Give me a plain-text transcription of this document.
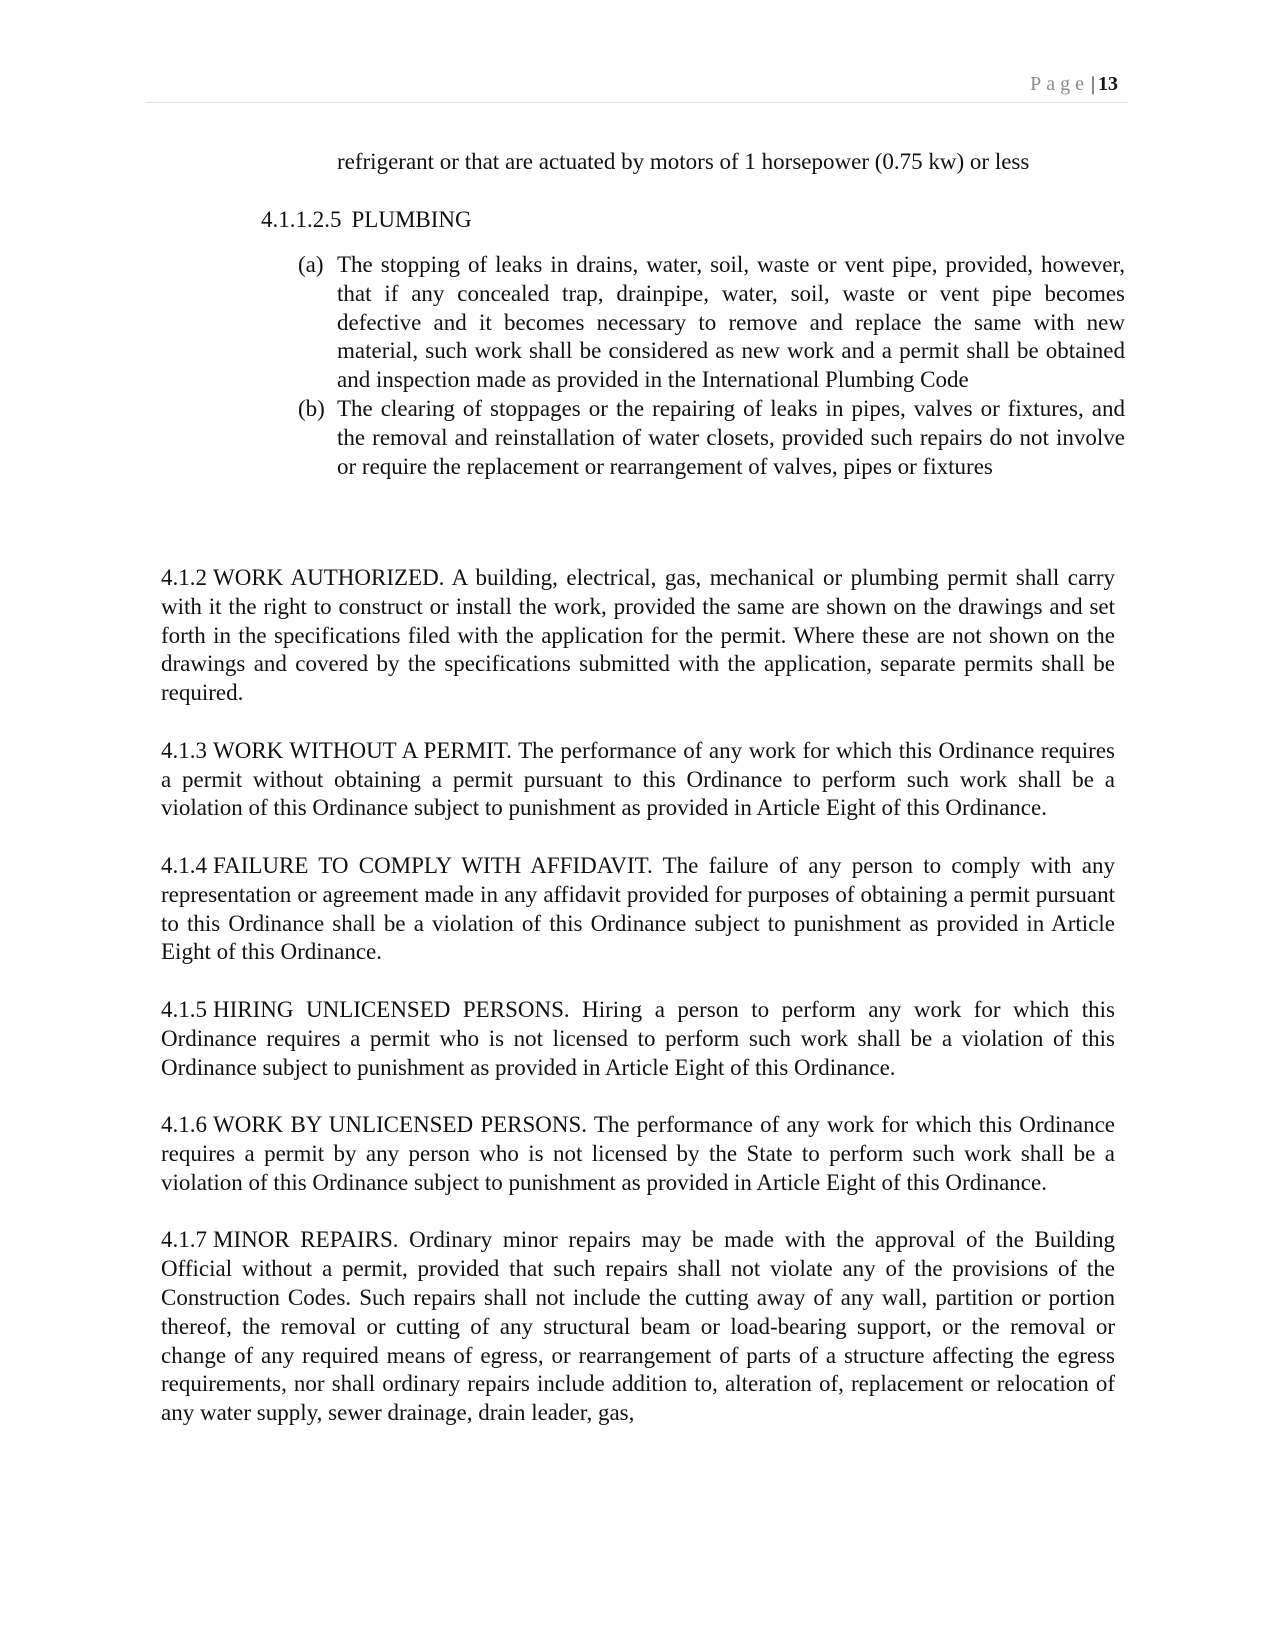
Page | 13
refrigerant or that are actuated by motors of 1 horsepower (0.75 kw) or less
4.1.1.2.5 PLUMBING
(a) The stopping of leaks in drains, water, soil, waste or vent pipe, provided, however, that if any concealed trap, drainpipe, water, soil, waste or vent pipe becomes defective and it becomes necessary to remove and replace the same with new material, such work shall be considered as new work and a permit shall be obtained and inspection made as provided in the International Plumbing Code
(b) The clearing of stoppages or the repairing of leaks in pipes, valves or fixtures, and the removal and reinstallation of water closets, provided such repairs do not involve or require the replacement or rearrangement of valves, pipes or fixtures

4.1.2 WORK AUTHORIZED. A building, electrical, gas, mechanical or plumbing permit shall carry with it the right to construct or install the work, provided the same are shown on the drawings and set forth in the specifications filed with the application for the permit. Where these are not shown on the drawings and covered by the specifications submitted with the application, separate permits shall be required.

4.1.3 WORK WITHOUT A PERMIT. The performance of any work for which this Ordinance requires a permit without obtaining a permit pursuant to this Ordinance to perform such work shall be a violation of this Ordinance subject to punishment as provided in Article Eight of this Ordinance.

4.1.4 FAILURE TO COMPLY WITH AFFIDAVIT. The failure of any person to comply with any representation or agreement made in any affidavit provided for purposes of obtaining a permit pursuant to this Ordinance shall be a violation of this Ordinance subject to punishment as provided in Article Eight of this Ordinance.

4.1.5 HIRING UNLICENSED PERSONS. Hiring a person to perform any work for which this Ordinance requires a permit who is not licensed to perform such work shall be a violation of this Ordinance subject to punishment as provided in Article Eight of this Ordinance.

4.1.6 WORK BY UNLICENSED PERSONS. The performance of any work for which this Ordinance requires a permit by any person who is not licensed by the State to perform such work shall be a violation of this Ordinance subject to punishment as provided in Article Eight of this Ordinance.

4.1.7 MINOR REPAIRS. Ordinary minor repairs may be made with the approval of the Building Official without a permit, provided that such repairs shall not violate any of the provisions of the Construction Codes. Such repairs shall not include the cutting away of any wall, partition or portion thereof, the removal or cutting of any structural beam or load-bearing support, or the removal or change of any required means of egress, or rearrangement of parts of a structure affecting the egress requirements, nor shall ordinary repairs include addition to, alteration of, replacement or relocation of any water supply, sewer drainage, drain leader, gas,
